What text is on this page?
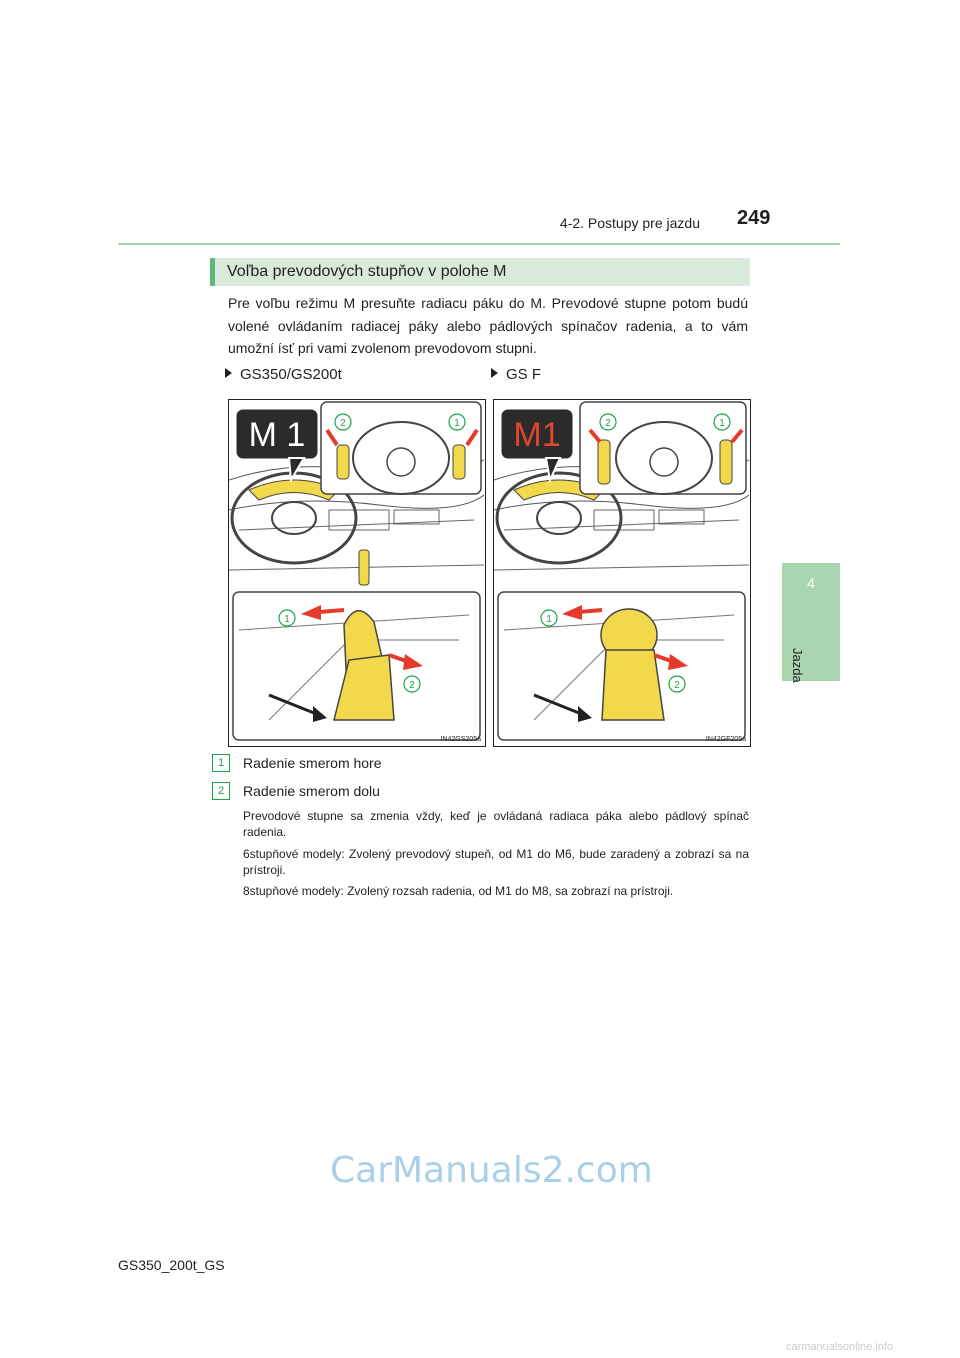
4-2. Postupy pre jazdu 249
4
Jazda
Voľba prevodových stupňov v polohe M
Pre voľbu režimu M presuňte radiacu páku do M. Prevodové stupne potom budú volené ovládaním radiacej páky alebo pádlových spínačov radenia, a to vám umožní ísť pri vami zvolenom prevodovom stupni.
GS350/GS200t	GS F
M 1	2	1
1
2
IN42GS205a
M1	2	1
1
2
IN42GF205a
1	Radenie smerom hore
2	Radenie smerom dolu
Prevodové stupne sa zmenia vždy, keď je ovládaná radiaca páka alebo pádlový spínač radenia.
6stupňové modely: Zvolený prevodový stupeň, od M1 do M6, bude zaradený a zobrazí sa na prístroji.
8stupňové modely: Zvolený rozsah radenia, od M1 do M8, sa zobrazí na prístroji.
CarManuals2.com
GS350_200t_GS
carmanualsonline.info
